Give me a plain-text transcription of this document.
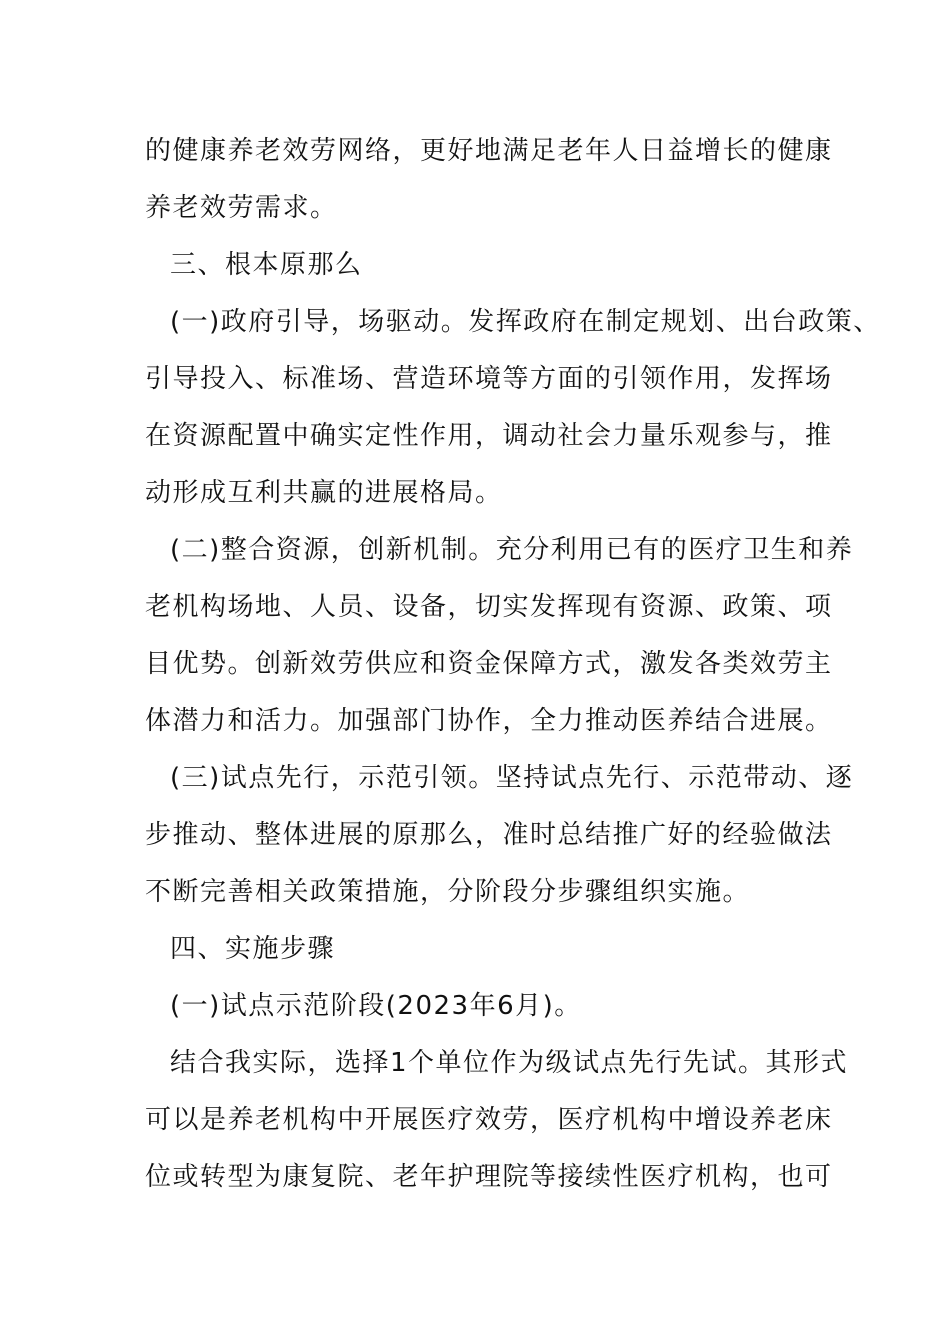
的健康养老效劳网络，更好地满足老年人日益增长的健康
养老效劳需求。
三、根本原那么
(一)政府引导，场驱动。发挥政府在制定规划、出台政策、
引导投入、标准场、营造环境等方面的引领作用，发挥场
在资源配置中确实定性作用，调动社会力量乐观参与，推
动形成互利共赢的进展格局。
(二)整合资源，创新机制。充分利用已有的医疗卫生和养
老机构场地、人员、设备，切实发挥现有资源、政策、项
目优势。创新效劳供应和资金保障方式，激发各类效劳主
体潜力和活力。加强部门协作，全力推动医养结合进展。
(三)试点先行，示范引领。坚持试点先行、示范带动、逐
步推动、整体进展的原那么，准时总结推广好的经验做法
不断完善相关政策措施，分阶段分步骤组织实施。
四、实施步骤
(一)试点示范阶段(2023年6月)。
结合我实际，选择1个单位作为级试点先行先试。其形式
可以是养老机构中开展医疗效劳，医疗机构中增设养老床
位或转型为康复院、老年护理院等接续性医疗机构，也可
